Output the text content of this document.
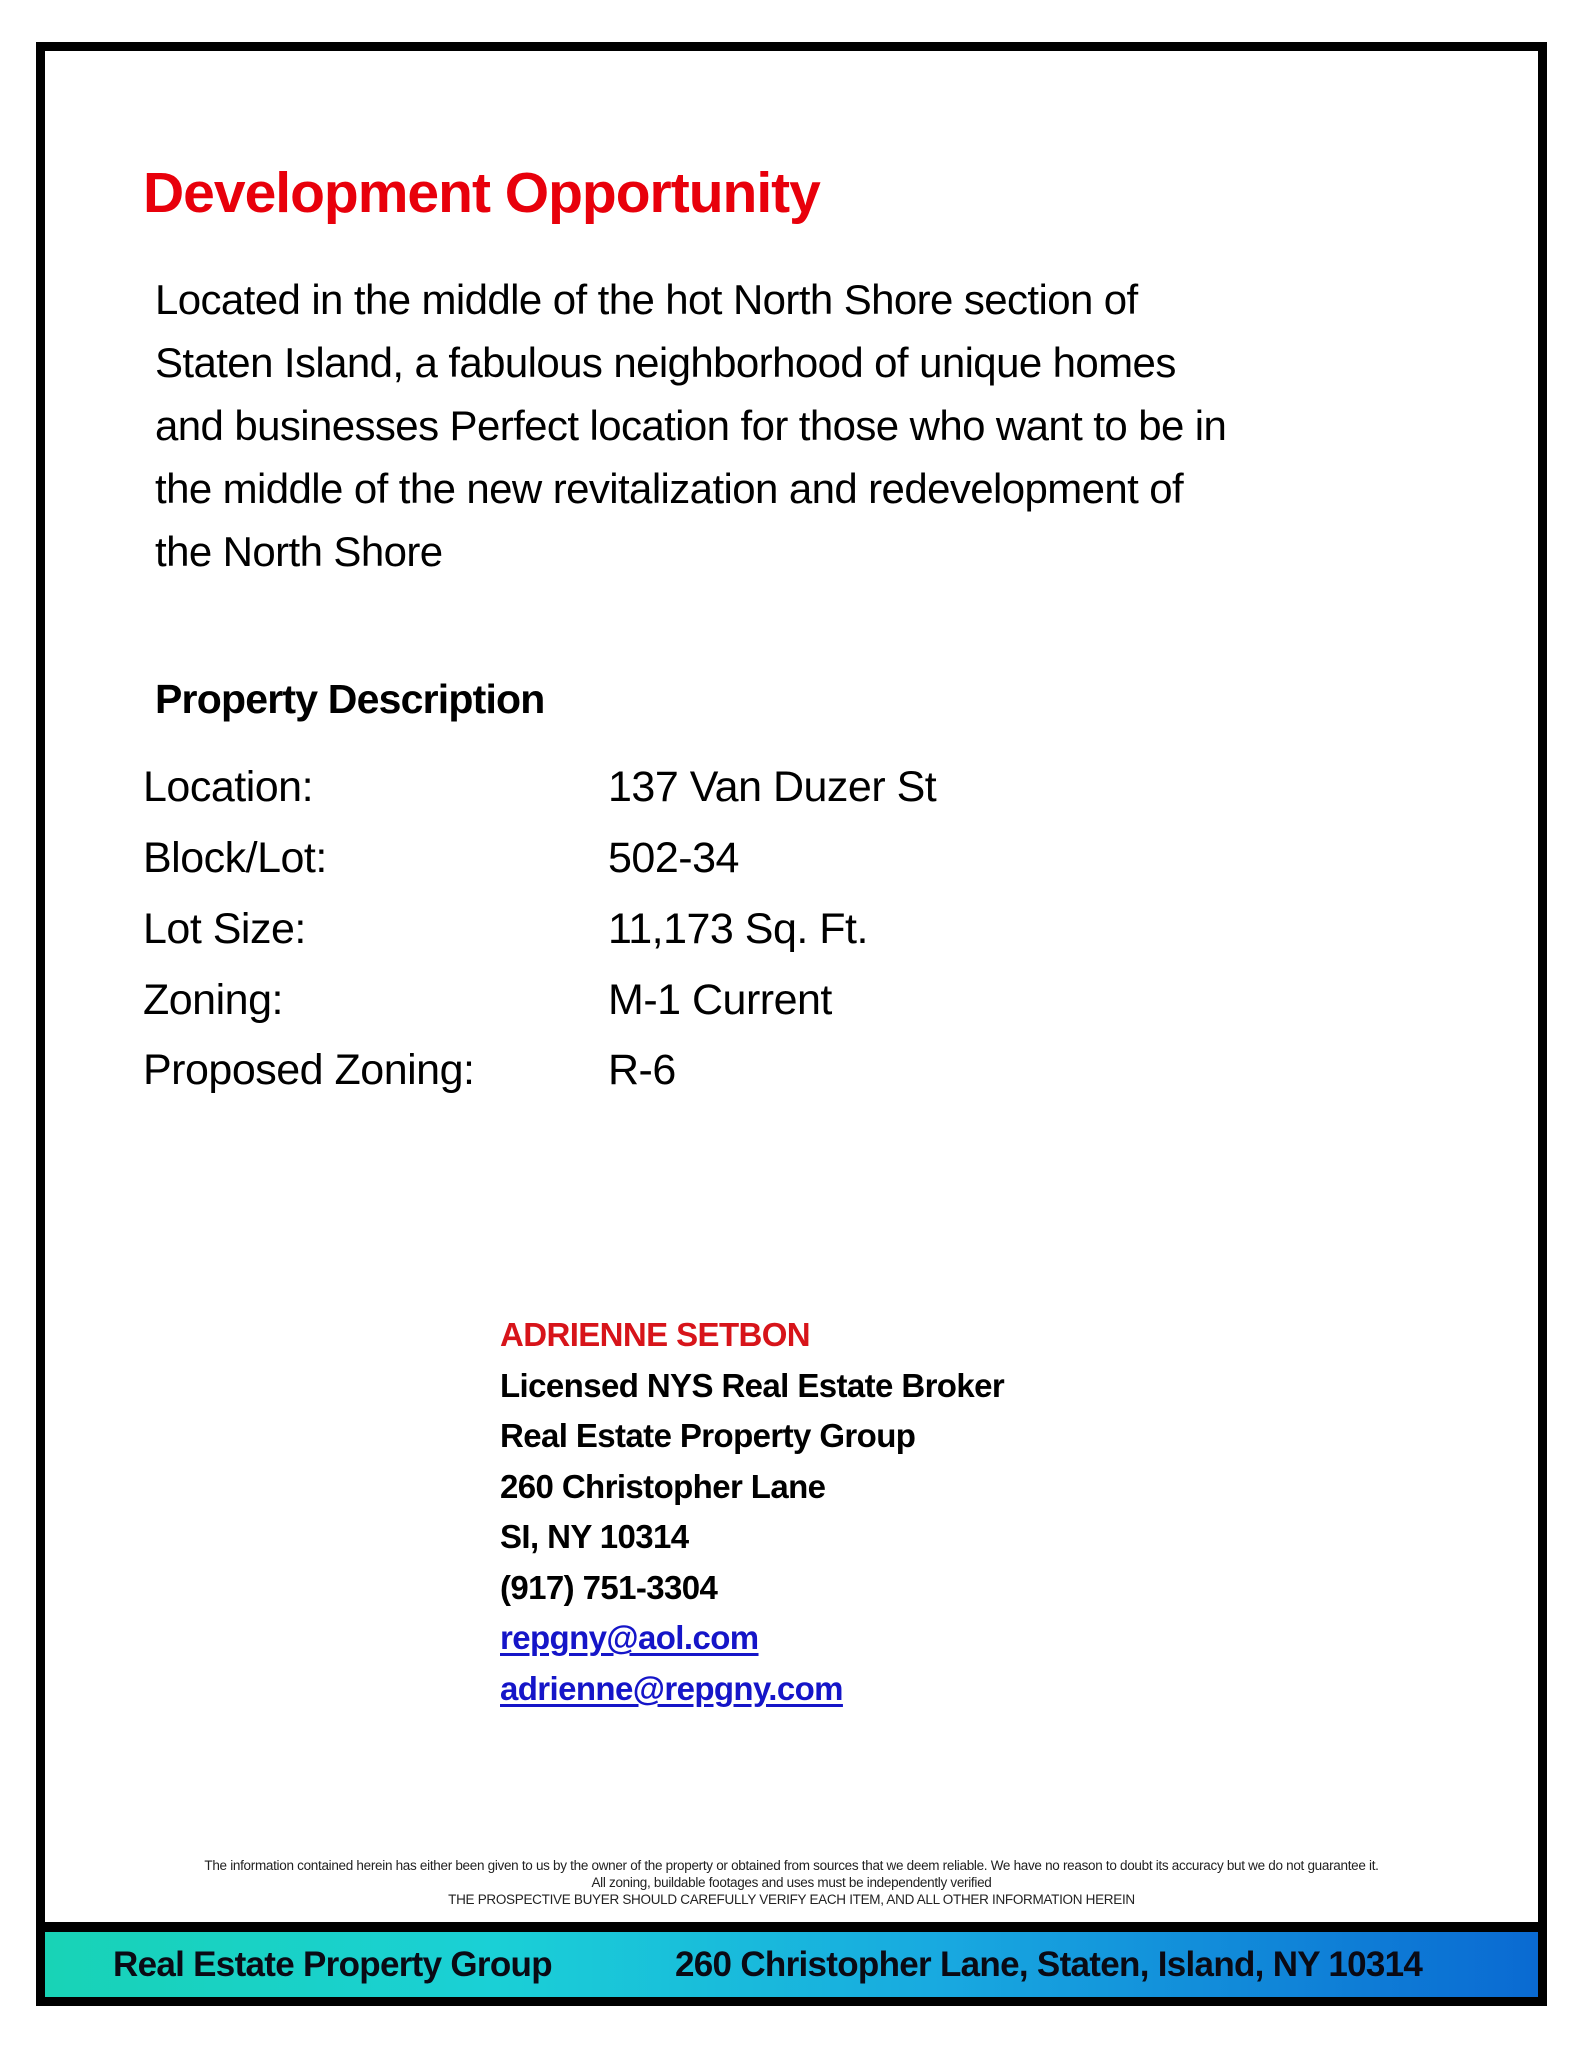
Development Opportunity
Located in the middle of the hot North Shore section of
Staten Island, a fabulous neighborhood of unique homes
and businesses Perfect location for those who want to be in
the middle of the new revitalization and redevelopment of
the North Shore
Property Description
Location:	137 Van Duzer St
Block/Lot:	502-34
Lot Size:	11,173 Sq. Ft.
Zoning:	M-1 Current
Proposed Zoning:	R-6
ADRIENNE SETBON
Licensed NYS Real Estate Broker
Real Estate Property Group
260 Christopher Lane
SI, NY 10314
(917) 751-3304
repgny@aol.com
adrienne@repgny.com
The information contained herein has either been given to us by the owner of the property or obtained from sources that we deem reliable. We have no reason to doubt its accuracy but we do not guarantee it.
All zoning, buildable footages and uses must be independently verified
THE PROSPECTIVE BUYER SHOULD CAREFULLY VERIFY EACH ITEM, AND ALL OTHER INFORMATION HEREIN
Real Estate Property Group	260 Christopher Lane, Staten, Island, NY 10314
